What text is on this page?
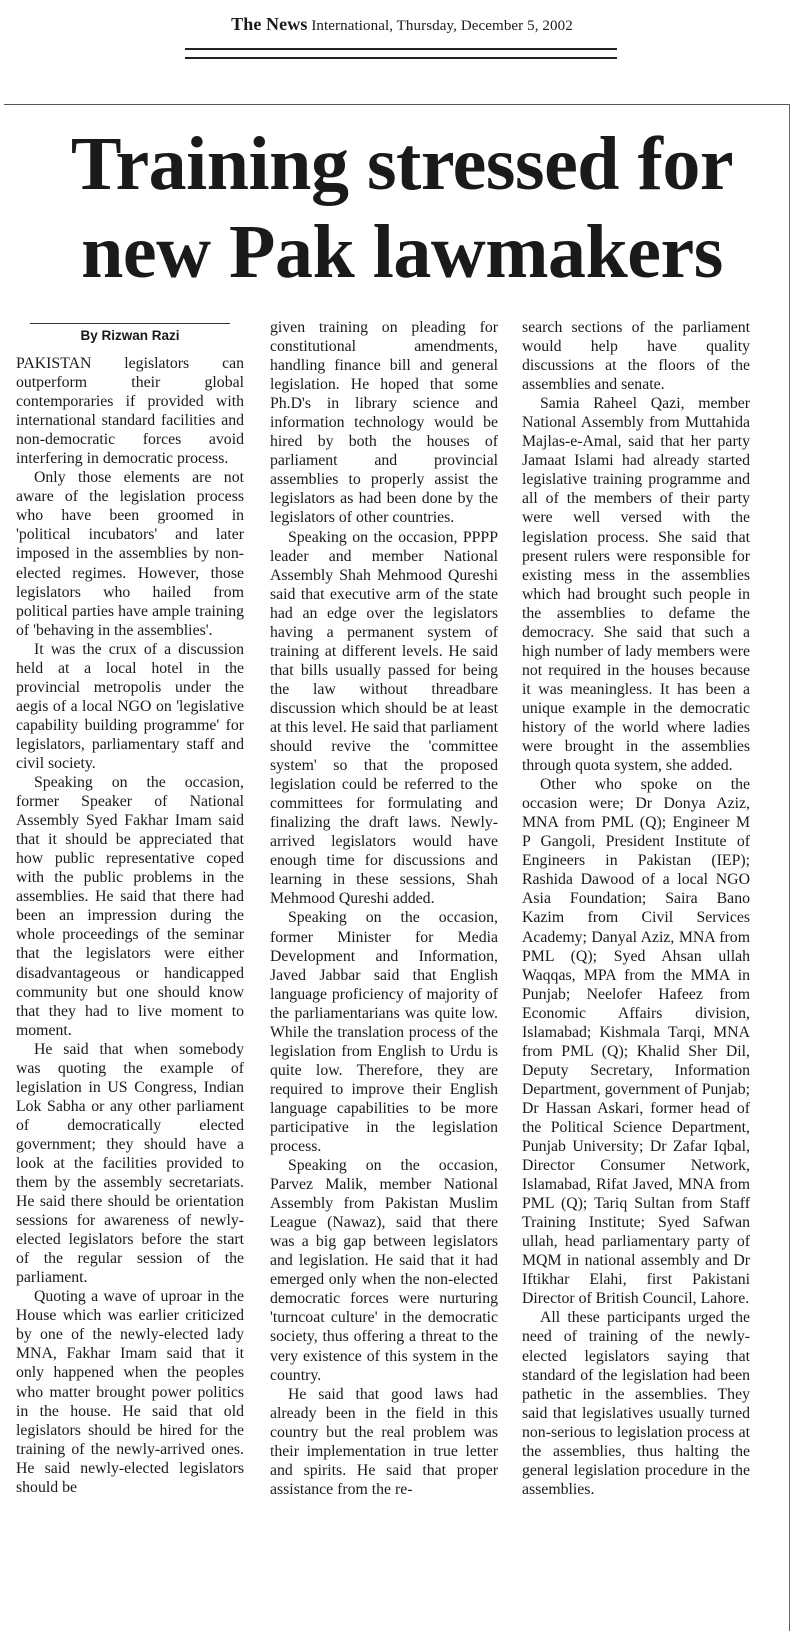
The News International, Thursday, December 5, 2002
Training stressed for
new Pak lawmakers
By Rizwan Razi

PAKISTAN legislators can outperform their global contemporaries if provided with international standard facilities and non-democratic forces avoid interfering in democratic process.

Only those elements are not aware of the legislation process who have been groomed in 'political incubators' and later imposed in the assemblies by non-elected regimes. However, those legislators who hailed from political parties have ample training of 'behaving in the assemblies'.

It was the crux of a discussion held at a local hotel in the provincial metropolis under the aegis of a local NGO on 'legislative capability building programme' for legislators, parliamentary staff and civil society.

Speaking on the occasion, former Speaker of National Assembly Syed Fakhar Imam said that it should be appreciated that how public representative coped with the public problems in the assemblies. He said that there had been an impression during the whole proceedings of the seminar that the legislators were either disadvantageous or handicapped community but one should know that they had to live moment to moment.

He said that when somebody was quoting the example of legislation in US Congress, Indian Lok Sabha or any other parliament of democratically elected government; they should have a look at the facilities provided to them by the assembly secretariats. He said there should be orientation sessions for awareness of newly-elected legislators before the start of the regular session of the parliament.

Quoting a wave of uproar in the House which was earlier criticized by one of the newly-elected lady MNA, Fakhar Imam said that it only happened when the peoples who matter brought power politics in the house. He said that old legislators should be hired for the training of the newly-arrived ones. He said newly-elected legislators should be

given training on pleading for constitutional amendments, handling finance bill and general legislation. He hoped that some Ph.D's in library science and information technology would be hired by both the houses of parliament and provincial assemblies to properly assist the legislators as had been done by the legislators of other countries.

Speaking on the occasion, PPPP leader and member National Assembly Shah Mehmood Qureshi said that executive arm of the state had an edge over the legislators having a permanent system of training at different levels. He said that bills usually passed for being the law without threadbare discussion which should be at least at this level. He said that parliament should revive the 'committee system' so that the proposed legislation could be referred to the committees for formulating and finalizing the draft laws. Newly-arrived legislators would have enough time for discussions and learning in these sessions, Shah Mehmood Qureshi added.

Speaking on the occasion, former Minister for Media Development and Information, Javed Jabbar said that English language proficiency of majority of the parliamentarians was quite low. While the translation process of the legislation from English to Urdu is quite low. Therefore, they are required to improve their English language capabilities to be more participative in the legislation process.

Speaking on the occasion, Parvez Malik, member National Assembly from Pakistan Muslim League (Nawaz), said that there was a big gap between legislators and legislation. He said that it had emerged only when the non-elected democratic forces were nurturing 'turncoat culture' in the democratic society, thus offering a threat to the very existence of this system in the country.

He said that good laws had already been in the field in this country but the real problem was their implementation in true letter and spirits. He said that proper assistance from the re-

search sections of the parliament would help have quality discussions at the floors of the assemblies and senate.

Samia Raheel Qazi, member National Assembly from Muttahida Majlas-e-Amal, said that her party Jamaat Islami had already started legislative training programme and all of the members of their party were well versed with the legislation process. She said that present rulers were responsible for existing mess in the assemblies which had brought such people in the assemblies to defame the democracy. She said that such a high number of lady members were not required in the houses because it was meaningless. It has been a unique example in the democratic history of the world where ladies were brought in the assemblies through quota system, she added.

Other who spoke on the occasion were; Dr Donya Aziz, MNA from PML (Q); Engineer M P Gangoli, President Institute of Engineers in Pakistan (IEP); Rashida Dawood of a local NGO Asia Foundation; Saira Bano Kazim from Civil Services Academy; Danyal Aziz, MNA from PML (Q); Syed Ahsan ullah Waqqas, MPA from the MMA in Punjab; Neelofer Hafeez from Economic Affairs division, Islamabad; Kishmala Tarqi, MNA from PML (Q); Khalid Sher Dil, Deputy Secretary, Information Department, government of Punjab; Dr Hassan Askari, former head of the Political Science Department, Punjab University; Dr Zafar Iqbal, Director Consumer Network, Islamabad, Rifat Javed, MNA from PML (Q); Tariq Sultan from Staff Training Institute; Syed Safwan ullah, head parliamentary party of MQM in national assembly and Dr Iftikhar Elahi, first Pakistani Director of British Council, Lahore.

All these participants urged the need of training of the newly-elected legislators saying that standard of the legislation had been pathetic in the assemblies. They said that legislatives usually turned non-serious to legislation process at the assemblies, thus halting the general legislation procedure in the assemblies.
